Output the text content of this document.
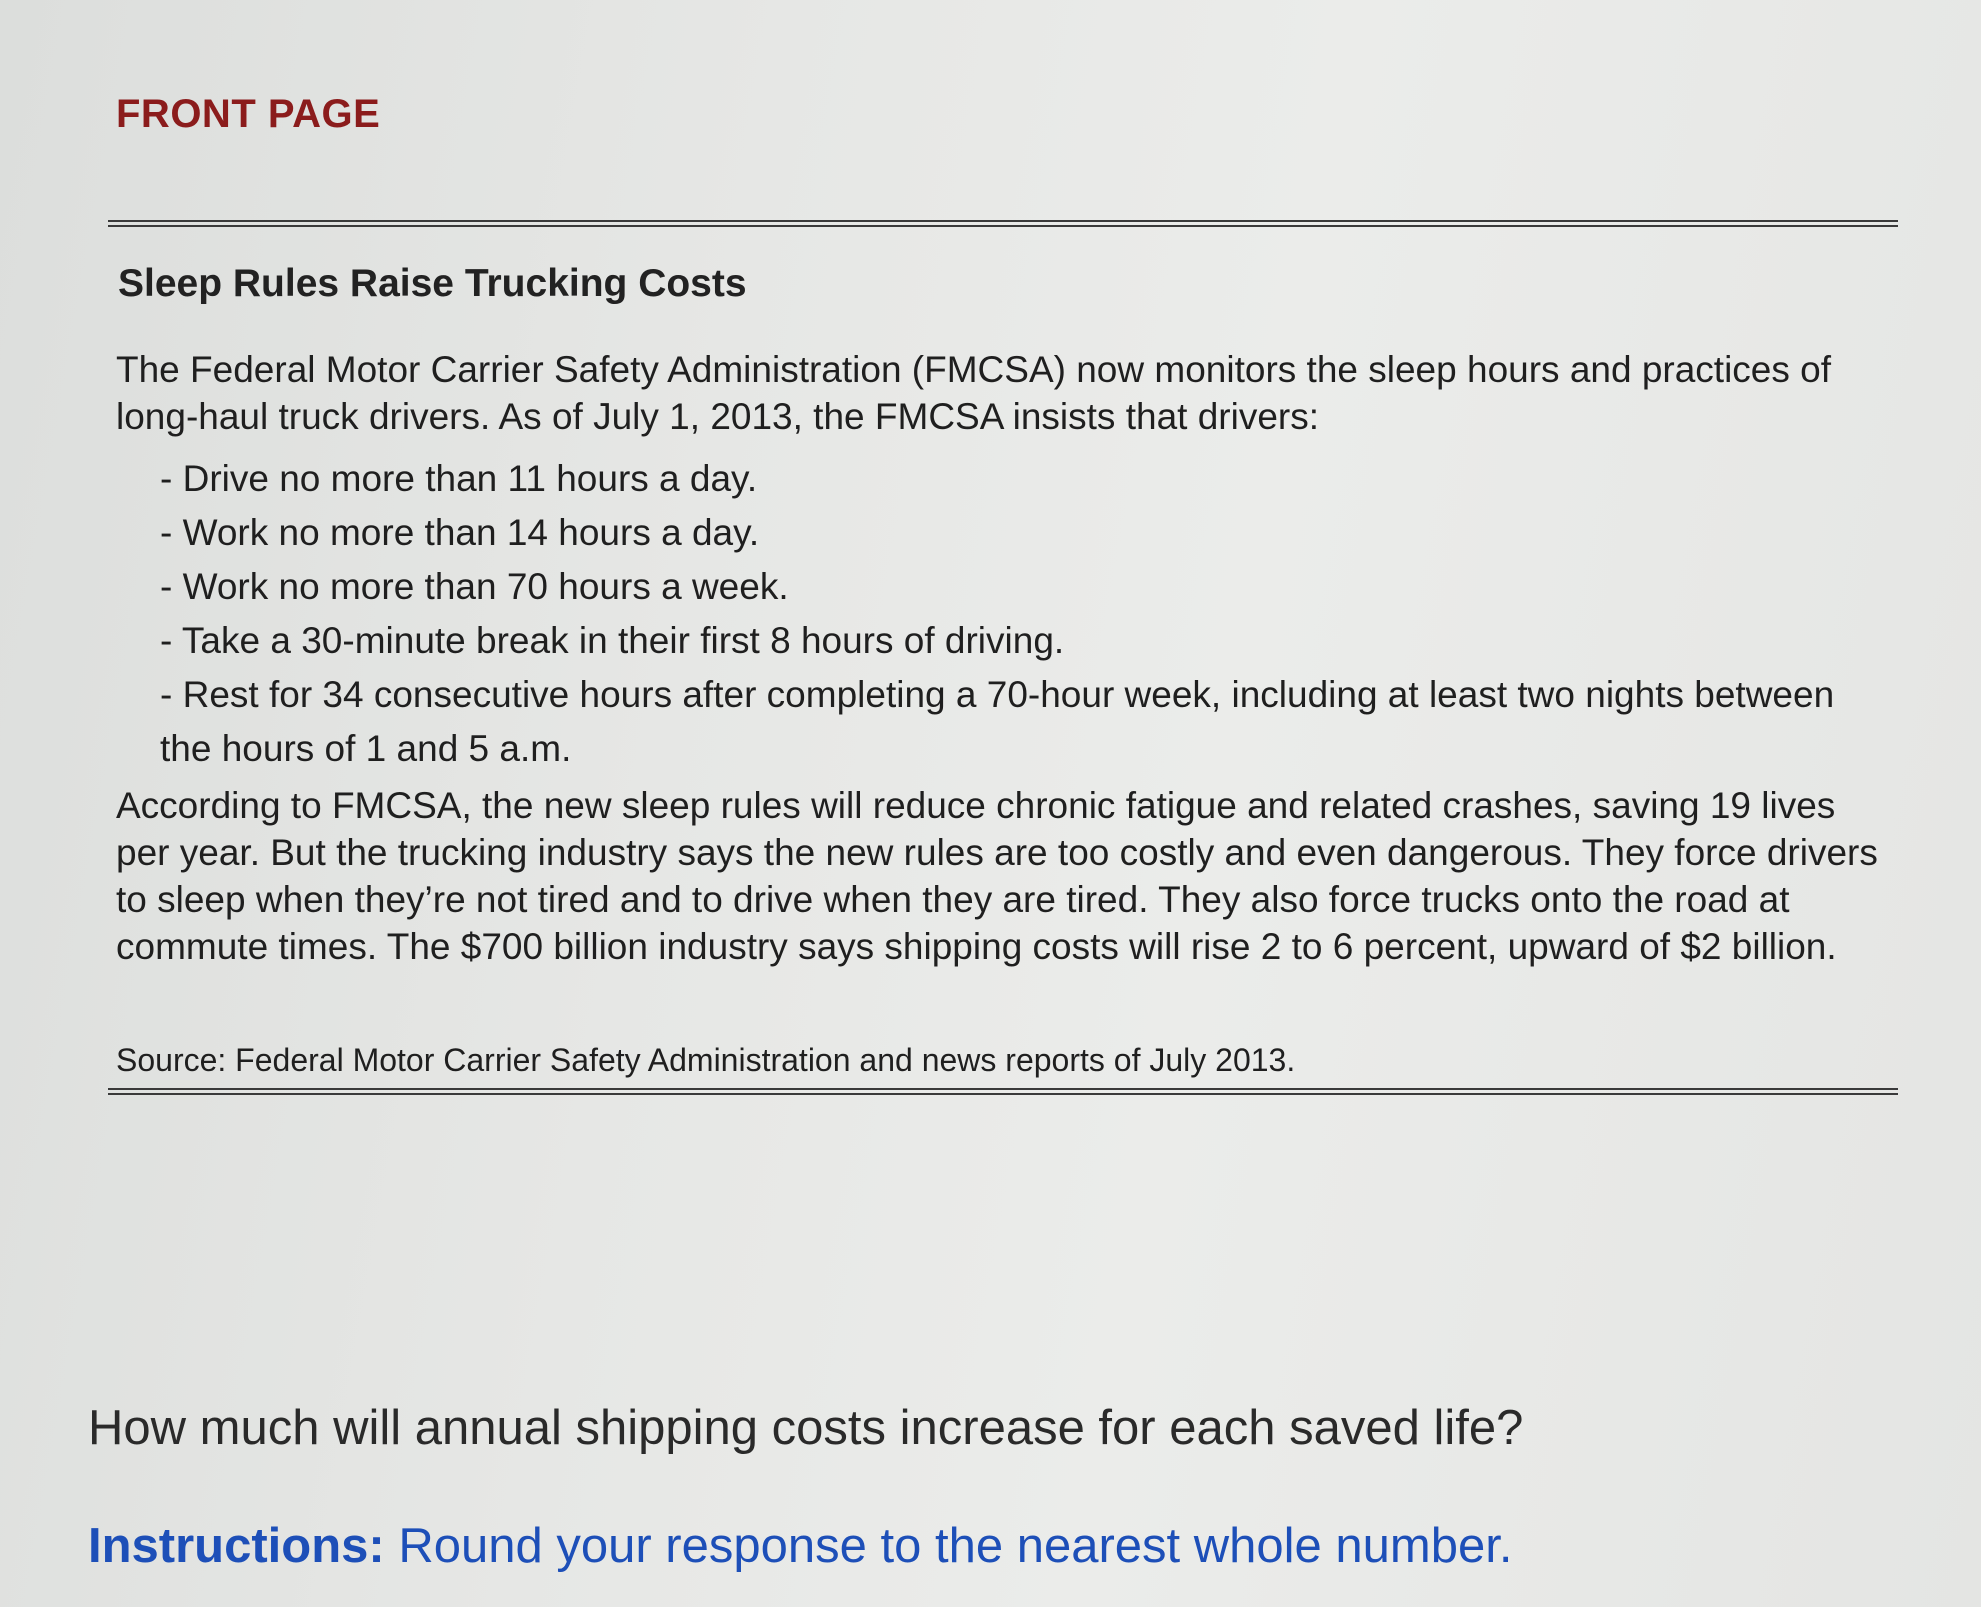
FRONT PAGE
Sleep Rules Raise Trucking Costs
The Federal Motor Carrier Safety Administration (FMCSA) now monitors the sleep hours and practices of long-haul truck drivers. As of July 1, 2013, the FMCSA insists that drivers:
- Drive no more than 11 hours a day.
- Work no more than 14 hours a day.
- Work no more than 70 hours a week.
- Take a 30-minute break in their first 8 hours of driving.
- Rest for 34 consecutive hours after completing a 70-hour week, including at least two nights between the hours of 1 and 5 a.m.
According to FMCSA, the new sleep rules will reduce chronic fatigue and related crashes, saving 19 lives per year. But the trucking industry says the new rules are too costly and even dangerous. They force drivers to sleep when they’re not tired and to drive when they are tired. They also force trucks onto the road at commute times. The $700 billion industry says shipping costs will rise 2 to 6 percent, upward of $2 billion.
Source: Federal Motor Carrier Safety Administration and news reports of July 2013.
How much will annual shipping costs increase for each saved life?
Instructions: Round your response to the nearest whole number.
